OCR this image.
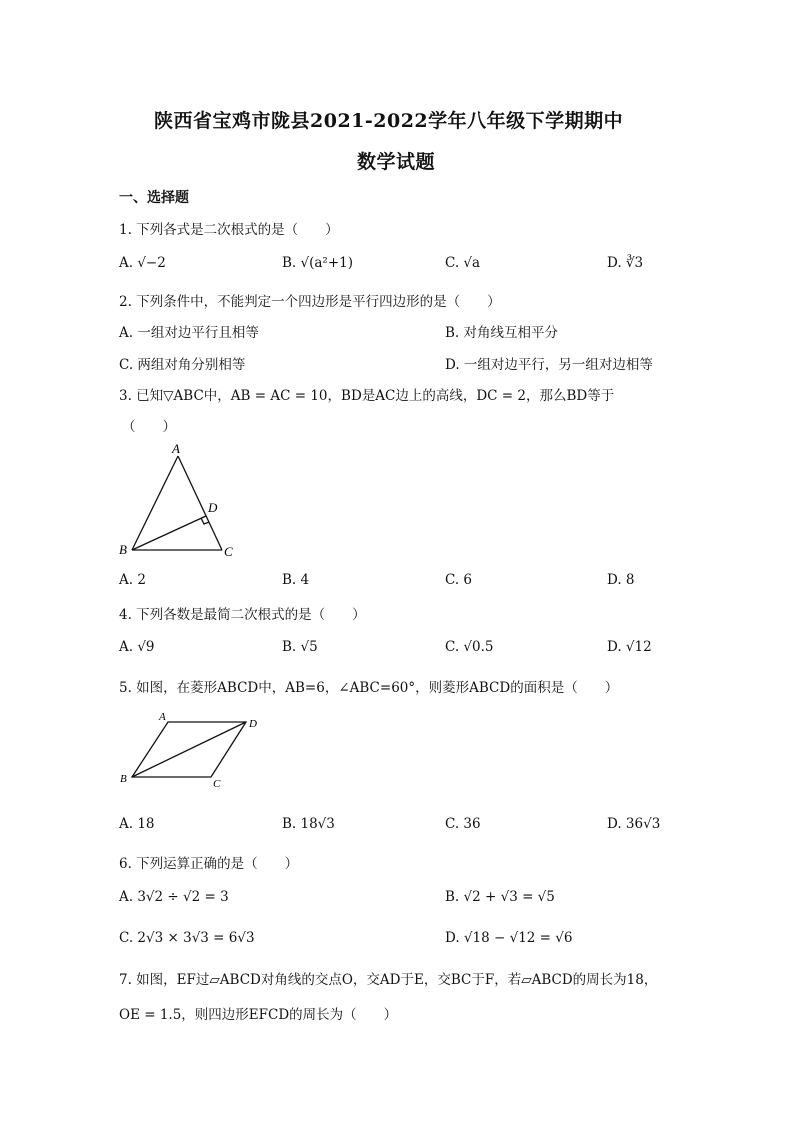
陕西省宝鸡市陇县2021-2022学年八年级下学期期中
数学试题
一、选择题
1. 下列各式是二次根式的是（　　）
A. √−2	B. √(a²+1)	C. √a	D. ∛3
2. 下列条件中，不能判定一个四边形是平行四边形的是（　　）
A. 一组对边平行且相等	B. 对角线互相平分
C. 两组对角分别相等	D. 一组对边平行，另一组对边相等
3. 已知▽ABC中，AB = AC = 10，BD是AC边上的高线，DC = 2，那么BD等于
（　　）
A
D
B	C
A. 2	B. 4	C. 6	D. 8
4. 下列各数是最简二次根式的是（　　）
A. √9	B. √5	C. √0.5	D. √12
5. 如图，在菱形ABCD中，AB=6，∠ABC=60°，则菱形ABCD的面积是（　　）
A
D
B	C
A. 18	B. 18√3	C. 36	D. 36√3
6. 下列运算正确的是（　　）
A. 3√2 ÷ √2 = 3	B. √2 + √3 = √5
C. 2√3 × 3√3 = 6√3	D. √18 − √12 = √6
7. 如图，EF过▱ABCD对角线的交点O，交AD于E，交BC于F，若▱ABCD的周长为18，
OE = 1.5，则四边形EFCD的周长为（　　）
